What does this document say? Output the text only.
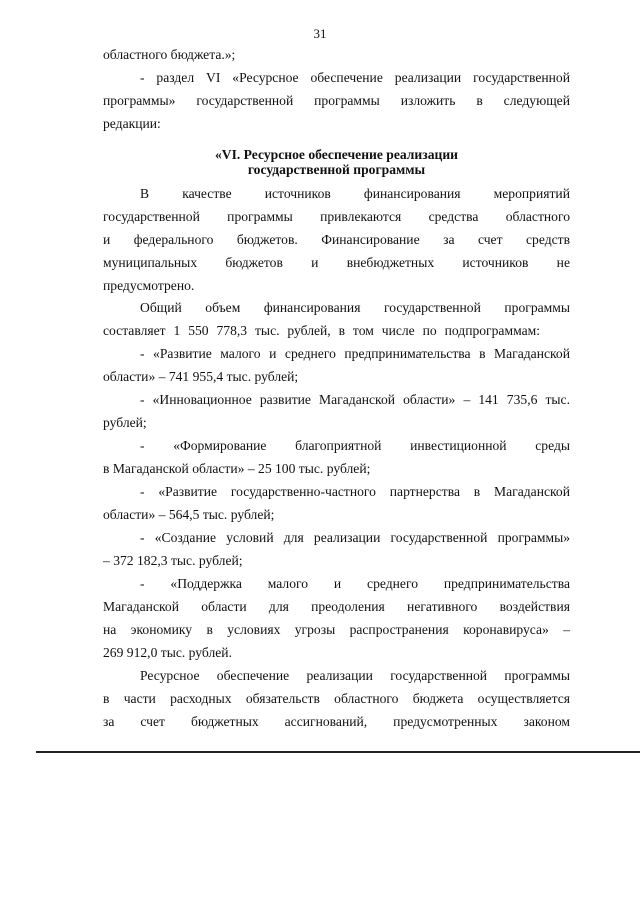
31
областного бюджета.»;
- раздел VI «Ресурсное обеспечение реализации государственной
программы» государственной программы изложить в следующей
редакции:
«VI. Ресурсное обеспечение реализации
государственной программы
В качестве источников финансирования мероприятий
государственной программы привлекаются средства областного
и федерального бюджетов. Финансирование за счет средств
муниципальных бюджетов и внебюджетных источников не
предусмотрено.
Общий объем финансирования государственной программы
составляет 1 550 778,3 тыс. рублей, в том числе по подпрограммам:
- «Развитие малого и среднего предпринимательства в Магаданской
области» – 741 955,4 тыс. рублей;
- «Инновационное развитие Магаданской области» – 141 735,6 тыс.
рублей;
- «Формирование благоприятной инвестиционной среды
в Магаданской области» – 25 100 тыс. рублей;
- «Развитие государственно-частного партнерства в Магаданской
области» – 564,5 тыс. рублей;
- «Создание условий для реализации государственной программы»
– 372 182,3 тыс. рублей;
- «Поддержка малого и среднего предпринимательства
Магаданской области для преодоления негативного воздействия
на экономику в условиях угрозы распространения коронавируса» –
269 912,0 тыс. рублей.
Ресурсное обеспечение реализации государственной программы
в части расходных обязательств областного бюджета осуществляется
за счет бюджетных ассигнований, предусмотренных законом
